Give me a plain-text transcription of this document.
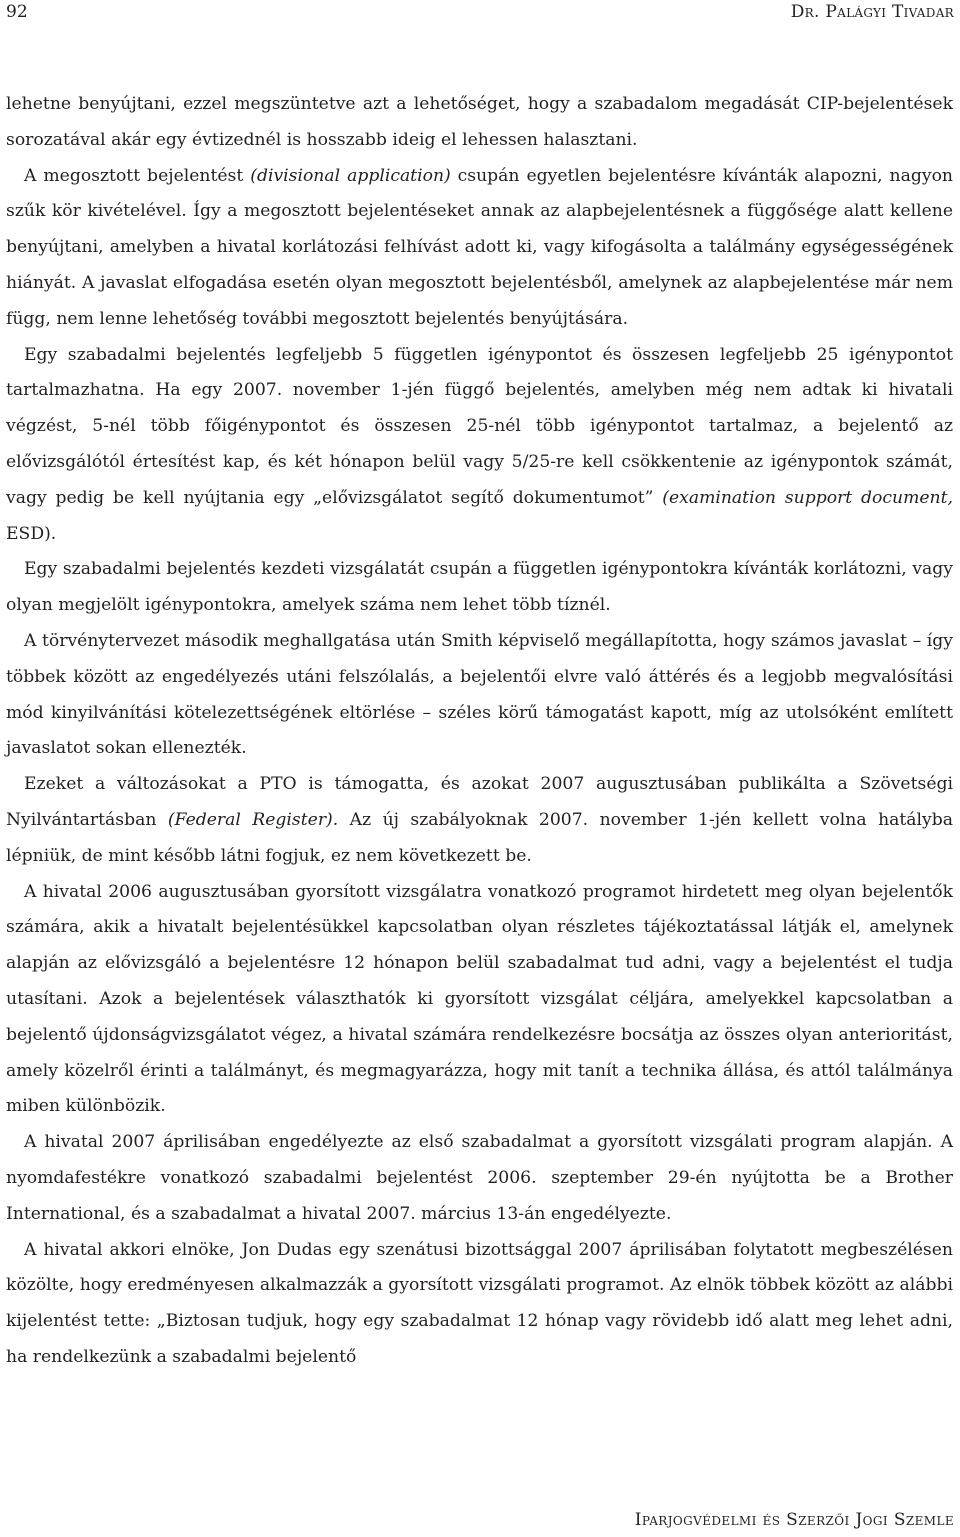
92	Dr. Palágyi Tivadar

lehetne benyújtani, ezzel megszüntetve azt a lehetőséget, hogy a szabadalom megadását CIP-bejelentések sorozatával akár egy évtizednél is hosszabb ideig el lehessen halasztani.

A megosztott bejelentést (divisional application) csupán egyetlen bejelentésre kívánták alapozni, nagyon szűk kör kivételével. Így a megosztott bejelentéseket annak az alapbejelentésnek a függősége alatt kellene benyújtani, amelyben a hivatal korlátozási felhívást adott ki, vagy kifogásolta a találmány egységességének hiányát. A javaslat elfogadása esetén olyan megosztott bejelentésből, amelynek az alapbejelentése már nem függ, nem lenne lehetőség további megosztott bejelentés benyújtására.

Egy szabadalmi bejelentés legfeljebb 5 független igénypontot és összesen legfeljebb 25 igénypontot tartalmazhatna. Ha egy 2007. november 1-jén függő bejelentés, amelyben még nem adtak ki hivatali végzést, 5-nél több főigénypontot és összesen 25-nél több igénypontot tartalmaz, a bejelentő az elővizsgálótól értesítést kap, és két hónapon belül vagy 5/25-re kell csökkentenie az igénypontok számát, vagy pedig be kell nyújtania egy „elővizsgálatot segítő dokumentumot” (examination support document, ESD).

Egy szabadalmi bejelentés kezdeti vizsgálatát csupán a független igénypontokra kívánták korlátozni, vagy olyan megjelölt igénypontokra, amelyek száma nem lehet több tíznél.

A törvénytervezet második meghallgatása után Smith képviselő megállapította, hogy számos javaslat – így többek között az engedélyezés utáni felszólalás, a bejelentői elvre való áttérés és a legjobb megvalósítási mód kinyilvánítási kötelezettségének eltörlése – széles körű támogatást kapott, míg az utolsóként említett javaslatot sokan ellenezték.

Ezeket a változásokat a PTO is támogatta, és azokat 2007 augusztusában publikálta a Szövetségi Nyilvántartásban (Federal Register). Az új szabályoknak 2007. november 1-jén kellett volna hatályba lépniük, de mint később látni fogjuk, ez nem következett be.

A hivatal 2006 augusztusában gyorsított vizsgálatra vonatkozó programot hirdetett meg olyan bejelentők számára, akik a hivatalt bejelentésükkel kapcsolatban olyan részletes tájékoztatással látják el, amelynek alapján az elővizsgáló a bejelentésre 12 hónapon belül szabadalmat tud adni, vagy a bejelentést el tudja utasítani. Azok a bejelentések választhatók ki gyorsított vizsgálat céljára, amelyekkel kapcsolatban a bejelentő újdonságvizsgálatot végez, a hivatal számára rendelkezésre bocsátja az összes olyan anterioritást, amely közelről érinti a találmányt, és megmagyarázza, hogy mit tanít a technika állása, és attól találmánya miben különbözik.

A hivatal 2007 áprilisában engedélyezte az első szabadalmat a gyorsított vizsgálati program alapján. A nyomdafestékre vonatkozó szabadalmi bejelentést 2006. szeptember 29-én nyújtotta be a Brother International, és a szabadalmat a hivatal 2007. március 13-án engedélyezte.

A hivatal akkori elnöke, Jon Dudas egy szenátusi bizottsággal 2007 áprilisában folytatott megbeszélésen közölte, hogy eredményesen alkalmazzák a gyorsított vizsgálati programot. Az elnök többek között az alábbi kijelentést tette: „Biztosan tudjuk, hogy egy szabadalmat 12 hónap vagy rövidebb idő alatt meg lehet adni, ha rendelkezünk a szabadalmi bejelentő

Iparjogvédelmi és Szerzői Jogi Szemle
